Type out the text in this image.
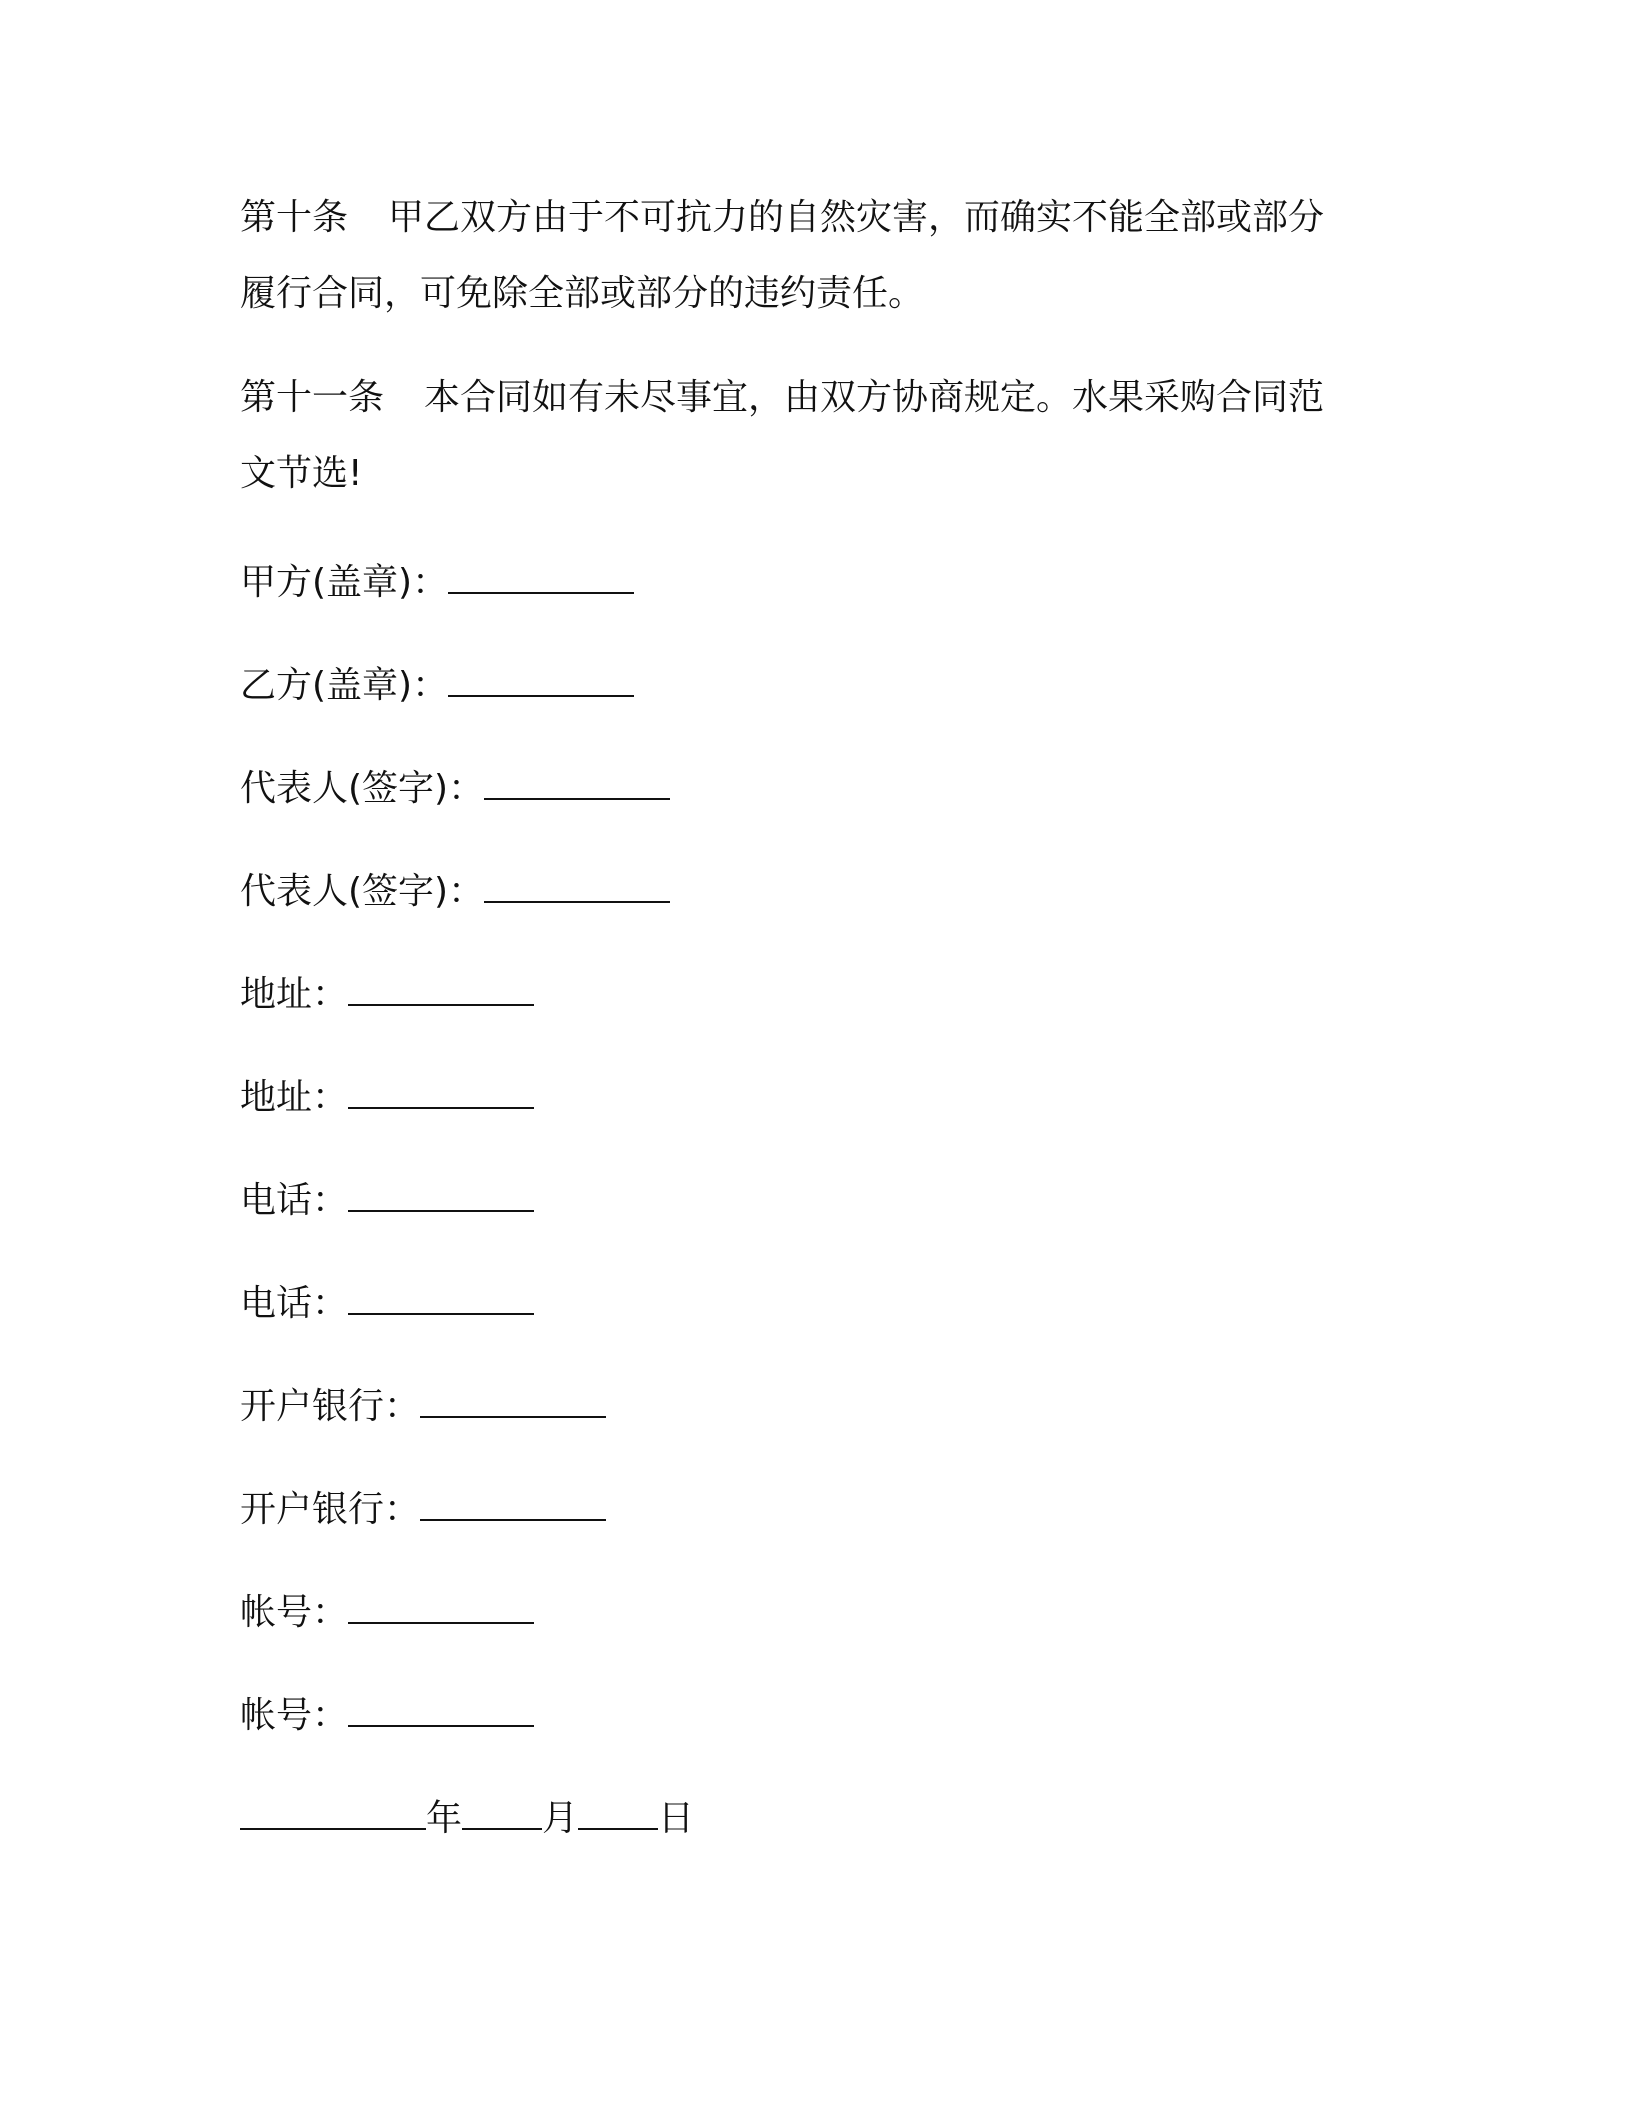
第十条 甲乙双方由于不可抗力的自然灾害，而确实不能全部或部分
履行合同，可免除全部或部分的违约责任。
第十一条 本合同如有未尽事宜，由双方协商规定。水果采购合同范
文节选!
甲方(盖章)：
乙方(盖章)：
代表人(签字)：
代表人(签字)：
地址：
地址：
电话：
电话：
开户银行：
开户银行：
帐号：
帐号：
年 月 日
